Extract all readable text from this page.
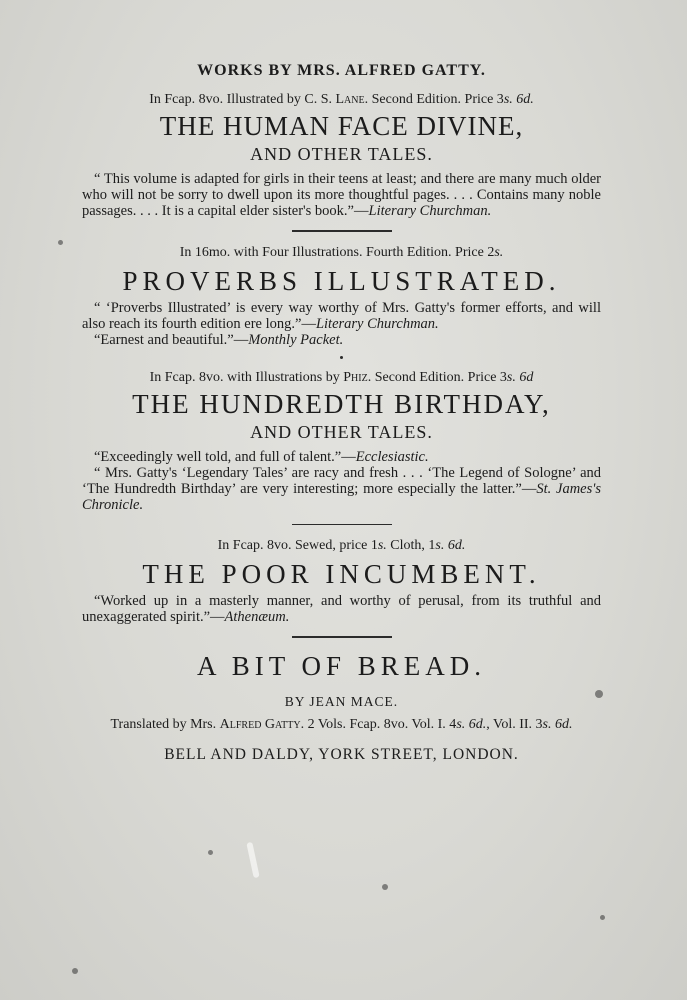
WORKS BY MRS. ALFRED GATTY.

In Fcap. 8vo. Illustrated by C. S. Lane. Second Edition. Price 3s. 6d.

THE HUMAN FACE DIVINE,
AND OTHER TALES.

“ This volume is adapted for girls in their teens at least; and there are many much older who will not be sorry to dwell upon its more thoughtful pages. . . . Contains many noble passages. . . . It is a capital elder sister's book.”—Literary Churchman.

In 16mo. with Four Illustrations. Fourth Edition. Price 2s.

PROVERBS ILLUSTRATED.

“ ‘Proverbs Illustrated’ is every way worthy of Mrs. Gatty's former efforts, and will also reach its fourth edition ere long.”—Literary Churchman.

“Earnest and beautiful.”—Monthly Packet.

In Fcap. 8vo. with Illustrations by Phiz. Second Edition. Price 3s. 6d

THE HUNDREDTH BIRTHDAY,
AND OTHER TALES.

“Exceedingly well told, and full of talent.”—Ecclesiastic.

“ Mrs. Gatty's ‘Legendary Tales’ are racy and fresh . . . ‘The Legend of Sologne’ and ‘The Hundredth Birthday’ are very interesting; more especially the latter.”—St. James's Chronicle.

In Fcap. 8vo. Sewed, price 1s. Cloth, 1s. 6d.

THE POOR INCUMBENT.

“Worked up in a masterly manner, and worthy of perusal, from its truthful and unexaggerated spirit.”—Athenæum.

A BIT OF BREAD.
BY JEAN MACE.

Translated by Mrs. Alfred Gatty. 2 Vols. Fcap. 8vo. Vol. I. 4s. 6d., Vol. II. 3s. 6d.

BELL AND DALDY, YORK STREET, LONDON.
